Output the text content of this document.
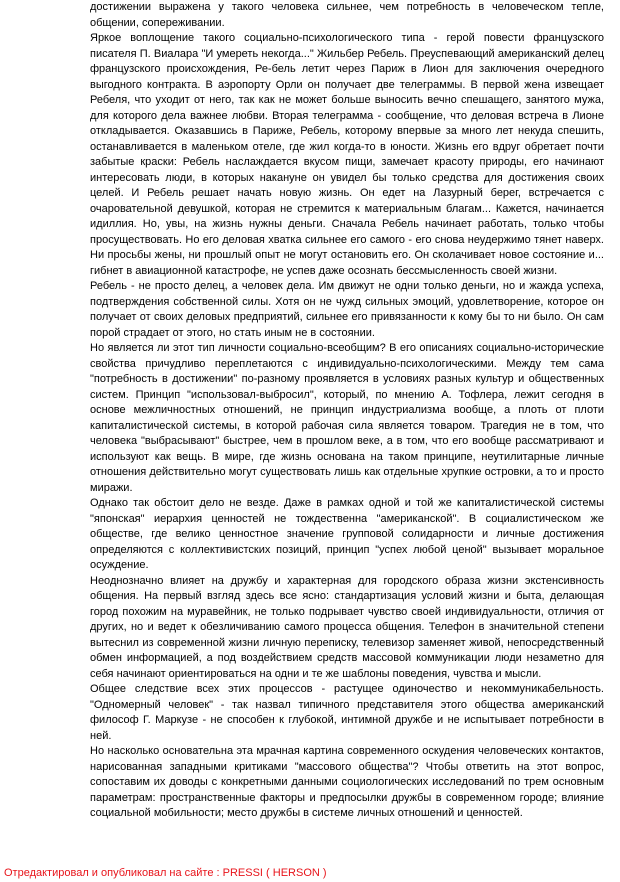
достижении выражена у такого человека сильнее, чем потребность в человеческом тепле, общении, сопереживании.

Яркое воплощение такого социально-психологического типа - герой повести французского писателя П. Виалара "И умереть некогда..." Жильбер Ребель. Преуспевающий американский делец французского происхождения, Ре-бель летит через Париж в Лион для заключения очередного выгодного контракта. В аэропорту Орли он получает две телеграммы. В первой жена извещает Ребеля, что уходит от него, так как не может больше выносить вечно спешащего, занятого мужа, для которого дела важнее любви. Вторая телеграмма - сообщение, что деловая встреча в Лионе откладывается. Оказавшись в Париже, Ребель, которому впервые за много лет некуда спешить, останавливается в маленьком отеле, где жил когда-то в юности. Жизнь его вдруг обретает почти забытые краски: Ребель наслаждается вкусом пищи, замечает красоту природы, его начинают интересовать люди, в которых накануне он увидел бы только средства для достижения своих целей. И Ребель решает начать новую жизнь. Он едет на Лазурный берег, встречается с очаровательной девушкой, которая не стремится к материальным благам... Кажется, начинается идиллия. Но, увы, на жизнь нужны деньги. Сначала Ребель начинает работать, только чтобы просуществовать. Но его деловая хватка сильнее его самого - его снова неудержимо тянет наверх. Ни просьбы жены, ни прошлый опыт не могут остановить его. Он сколачивает новое состояние и... гибнет в авиационной катастрофе, не успев даже осознать бессмысленность своей жизни.

Ребель - не просто делец, а человек дела. Им движут не одни только деньги, но и жажда успеха, подтверждения собственной силы. Хотя он не чужд сильных эмоций, удовлетворение, которое он получает от своих деловых предприятий, сильнее его привязанности к кому бы то ни было. Он сам порой страдает от этого, но стать иным не в состоянии.

Но является ли этот тип личности социально-всеобщим? В его описаниях социально-исторические свойства причудливо переплетаются с индивидуально-психологическими. Между тем сама "потребность в достижении" по-разному проявляется в условиях разных культур и общественных систем. Принцип "использовал-выбросил", который, по мнению А. Тофлера, лежит сегодня в основе межличностных отношений, не принцип индустриализма вообще, а плоть от плоти капиталистической системы, в которой рабочая сила является товаром. Трагедия не в том, что человека "выбрасывают" быстрее, чем в прошлом веке, а в том, что его вообще рассматривают и используют как вещь. В мире, где жизнь основана на таком принципе, неутилитарные личные отношения действительно могут существовать лишь как отдельные хрупкие островки, а то и просто миражи.

Однако так обстоит дело не везде. Даже в рамках одной и той же капиталистической системы "японская" иерархия ценностей не тождественна "американской". В социалистическом же обществе, где велико ценностное значение групповой солидарности и личные достижения определяются с коллективистских позиций, принцип "успех любой ценой" вызывает моральное осуждение.

Неоднозначно влияет на дружбу и характерная для городского образа жизни экстенсивность общения. На первый взгляд здесь все ясно: стандартизация условий жизни и быта, делающая город похожим на муравейник, не только подрывает чувство своей индивидуальности, отличия от других, но и ведет к обезличиванию самого процесса общения. Телефон в значительной степени вытеснил из современной жизни личную переписку, телевизор заменяет живой, непосредственный обмен информацией, а под воздействием средств массовой коммуникации люди незаметно для себя начинают ориентироваться на одни и те же шаблоны поведения, чувства и мысли.

Общее следствие всех этих процессов - растущее одиночество и некоммуникабельность. "Одномерный человек" - так назвал типичного представителя этого общества американский философ Г. Маркузе - не способен к глубокой, интимной дружбе и не испытывает потребности в ней.

Но насколько основательна эта мрачная картина современного оскудения человеческих контактов, нарисованная западными критиками "массового общества"? Чтобы ответить на этот вопрос, сопоставим их доводы с конкретными данными социологических исследований по трем основным параметрам: пространственные факторы и предпосылки дружбы в современном городе; влияние социальной мобильности; место дружбы в системе личных отношений и ценностей.

Отредактировал и опубликовал на сайте : PRESSI ( HERSON )
